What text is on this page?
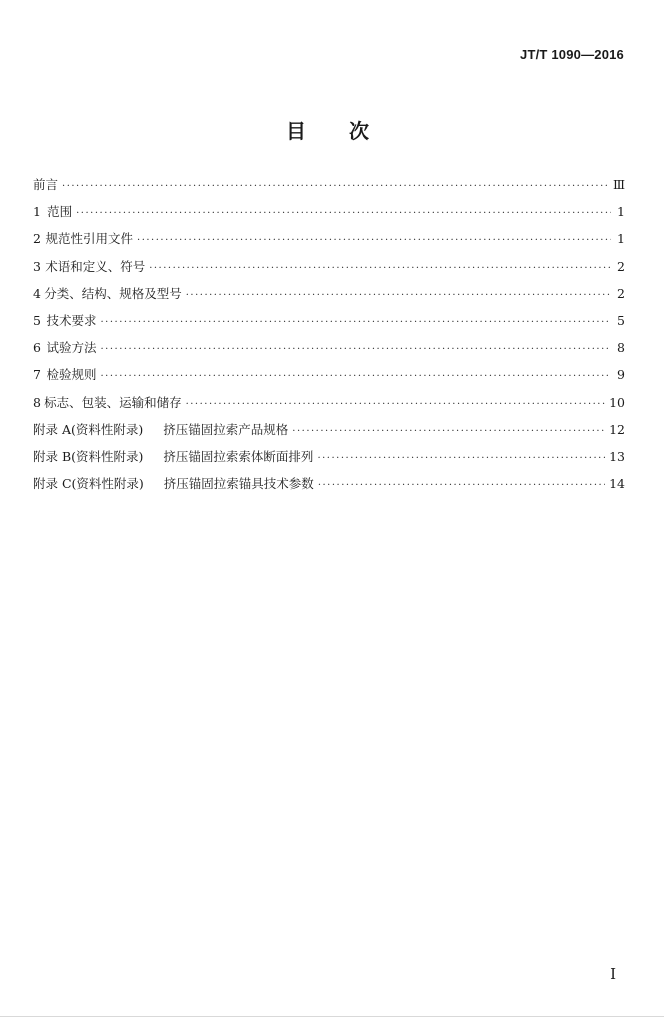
JT/T 1090—2016
目 次
前言 ·····	Ⅲ
1 范围 ·····	1
2 规范性引用文件 ·····	1
3 术语和定义、符号 ·····	2
4 分类、结构、规格及型号 ·····	2
5 技术要求 ·····	5
6 试验方法 ·····	8
7 检验规则 ·····	9
8 标志、包装、运输和储存 ·····	10
附录 A(资料性附录)	挤压锚固拉索产品规格 ·····	12
附录 B(资料性附录)	挤压锚固拉索索体断面排列 ·····	13
附录 C(资料性附录)	挤压锚固拉索锚具技术参数 ·····	14
I
